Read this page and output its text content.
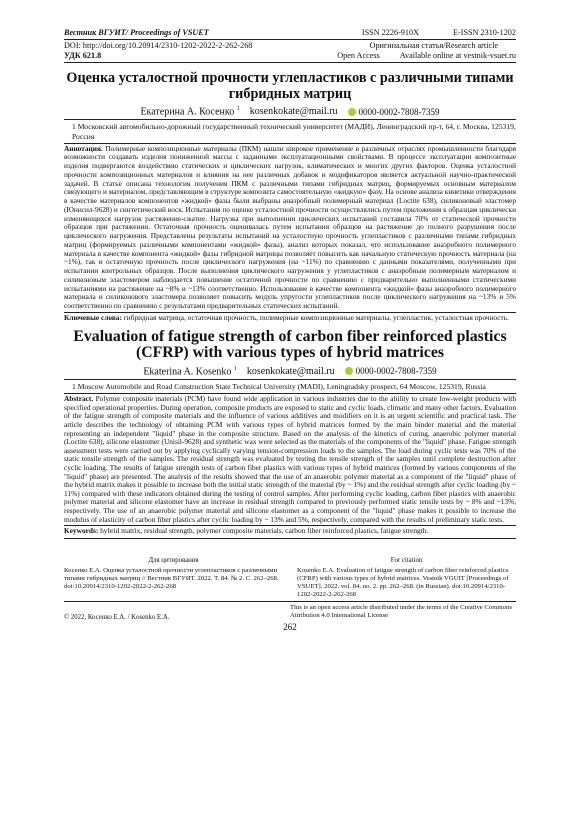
Вестник ВГУИТ/ Proceedings of VSUET	ISSN 2226-910X	E-ISSN 2310-1202
DOI: http://doi.org/10.20914/2310-1202-2022-2-262-268	Оригинальная статья/Research article
УДК 621.8	Open Access Available online at vestnik-vsuet.ru
Оценка усталостной прочности углепластиков с различными типами гибридных матриц
Екатерина А. Косенко $^1$ kosenkokate@mail.ru 0000-0002-7808-7359
1 Московский автомобильно-дорожный государственный технический университет (МАДИ), Ленинградский пр-т, 64, г. Москва, 125319, Россия

Аннотация. Полимерные композиционные материалы (ПКМ) нашли широкое применение в различных отраслях промышленности благодаря возможности создавать изделия пониженной массы с заданными эксплуатационными свойствами. В процессе эксплуатации композитные изделия подвергаются воздействию статических и циклических нагрузок, климатических и многих других факторов. Оценка усталостной прочности композиционных материалов и влияния на нее различных добавок и модификаторов является актуальной научно-практической задачей. В статье описана технология получения ПКМ с различными типами гибридных матриц, формируемых основным материалом связующего и материалом, представляющим в структуре композита самостоятельную «жидкую» фазу. На основе анализа кинетики отверждения в качестве материалов компонентов «жидкой» фазы были выбраны анаэробный полимерный материал (Loctite 638), силиконовый эластомер (Юнисил-9628) и синтетический воск. Испытания по оценке усталостной прочности осуществлялись путем приложения к образцам циклически изменяющихся нагрузок растяжение-сжатие. Нагрузка при выполнении циклических испытаний составила 70% от статической прочности образцов при растяжении. Остаточная прочность оценивалась путем испытания образцов на растяжение до полного разрушения после циклического нагружения. Представлены результаты испытаний на усталостную прочность углепластиков с различными типами гибридных матриц (формируемых различными компонентами «жидкой» фазы), анализ которых показал, что использование анаэробного полимерного материала в качестве компонента «жидкой» фазы гибридной матрицы позволяет повысить как начальную статическую прочность материала (на ~1%), так и остаточную прочность после циклического нагружения (на ~11%) по сравнению с данными показателями, полученными при испытании контрольных образцов. После выполнения циклического нагружения у углепластиков с анаэробным полимерным материалом и силиконовым эластомером наблюдается повышение остаточной прочности по сравнению с предварительно выполненными статическими испытаниями на растяжение на ~8% и ~13% соответственно. Использование в качестве компонента «жидкой» фазы анаэробного полимерного материала и силиконового эластомера позволяет повысить модуль упругости углепластиков после циклического нагружения на ~13% и 5% соответственно по сравнению с результатами предварительных статических испытаний.

Ключевые слова: гибридная матрица, остаточная прочность, полимерные композиционные материалы, углепластик, усталостная прочность.

Evaluation of fatigue strength of carbon fiber reinforced plastics (CFRP) with various types of hybrid matrices
Ekaterina A. Kosenko $^1$ kosenkokate@mail.ru 0000-0002-7808-7359
1 Moscow Automobile and Road Construction State Technical University (MADI), Leningradsky prospect, 64 Moscow, 125319, Russia

Abstract. Polymer composite materials (PCM) have found wide application in various industries due to the ability to create low-weight products with specified operational properties. During operation, composite products are exposed to static and cyclic loads, climatic and many other factors. Evaluation of the fatigue strength of composite materials and the influence of various additives and modifiers on it is an urgent scientific and practical task. The article describes the technology of obtaining PCM with various types of hybrid matrices formed by the main binder material and the material representing an independent "liquid" phase in the composite structure. Based on the analysis of the kinetics of curing, anaerobic polymer material (Loctite 638), silicone elastomer (Unisil-9628) and synthetic wax were selected as the materials of the components of the "liquid" phase. Fatigue strength assessment tests were carried out by applying cyclically varying tension-compression loads to the samples. The load during cyclic tests was 70% of the static tensile strength of the samples. The residual strength was evaluated by testing the tensile strength of the samples until complete destruction after cyclic loading. The results of fatigue strength tests of carbon fiber plastics with various types of hybrid matrices (formed by various components of the "liquid" phase) are presented. The analysis of the results showed that the use of an anaerobic polymer material as a component of the "liquid" phase of the hybrid matrix makes it possible to increase both the initial static strength of the material (by ~ 1%) and the residual strength after cyclic loading (by ~ 11%) compared with these indicators obtained during the testing of control samples. After performing cyclic loading, carbon fiber plastics with anaerobic polymer material and silicone elastomer have an increase in residual strength compared to previously performed static tensile tests by ~ 8% and ~13%, respectively. The use of an anaerobic polymer material and silicone elastomer as a component of the "liquid" phase makes it possible to increase the modulus of elasticity of carbon fiber plastics after cyclic loading by ~ 13% and 5%, respectively, compared with the results of preliminary static tests.

Keywords: hybrid matrix, residual strength, polymer composite materials, carbon fiber reinforced plastics, fatigue strength.

Для цитирования
Косенко Е.А. Оценка усталостной прочности углепластиков с различными типами гибридных матриц // Вестник ВГУИТ. 2022. Т. 84. № 2. С. 262–268. doi:10.20914/2310-1202-2022-2-262-268
For citation
Kosenko E.A. Evaluation of fatigue strength of carbon fiber reinforced plastics (CFRP) with various types of hybrid matrices. Vestnik VGUIT [Proceedings of VSUET]. 2022. vol. 84. no. 2. pp. 262–268. (in Russian). doi:10.20914/2310-1202-2022-2-262-268
© 2022, Косенко Е.А. / Kosenko E.A.
This is an open access article distributed under the terms of the Creative Commons Attribution 4.0 International License
262
